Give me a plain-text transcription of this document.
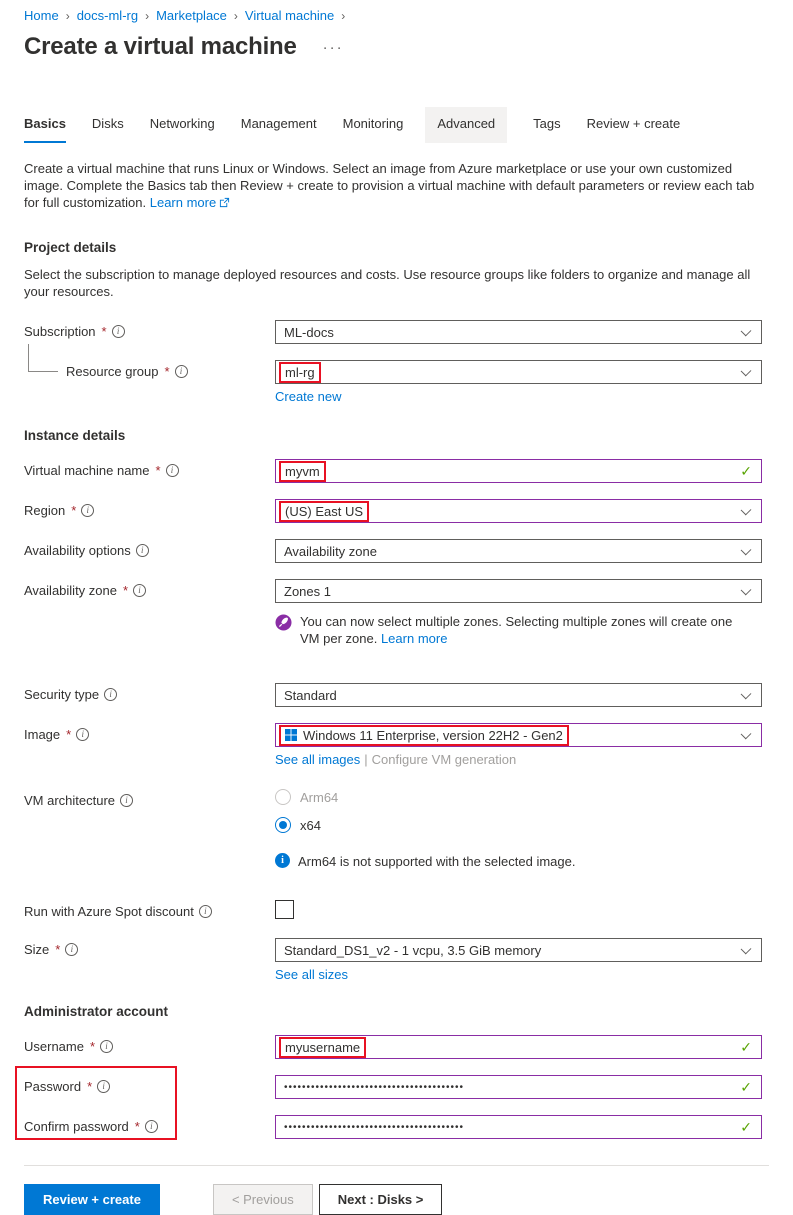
Home › docs-ml-rg › Marketplace › Virtual machine ›
Create a virtual machine ···
Basics Disks Networking Management Monitoring	Advanced	Tags Review + create

Create a virtual machine that runs Linux or Windows. Select an image from Azure marketplace or use your own customized image. Complete the Basics tab then Review + create to provision a virtual machine with default parameters or review each tab for full customization. Learn more

Project details

Select the subscription to manage deployed resources and costs. Use resource groups like folders to organize and manage all your resources.

Subscription *	i	ML-docs
Resource group *	i	ml-rg
Create new
Instance details
Virtual machine name *	i	myvm	✓
Region *	i	(US) East US
Availability options	i	Availability zone
Availability zone *	i	Zones 1
You can now select multiple zones. Selecting multiple zones will create one VM per zone. Learn more
Security type	i	Standard
Image *	i	Windows 11 Enterprise, version 22H2 - Gen2
See all images | Configure VM generation
VM architecture	i	Arm64
x64
i	Arm64 is not supported with the selected image.
Run with Azure Spot discount	i
Size *	i	Standard_DS1_v2 - 1 vcpu, 3.5 GiB memory
See all sizes
Administrator account
Username *	i	myusername	✓
Password *	i	••••••••••••••••••••••••••••••••••••••••	✓
Confirm password *	i	••••••••••••••••••••••••••••••••••••••••	✓
Review + create	< Previous	Next : Disks >
